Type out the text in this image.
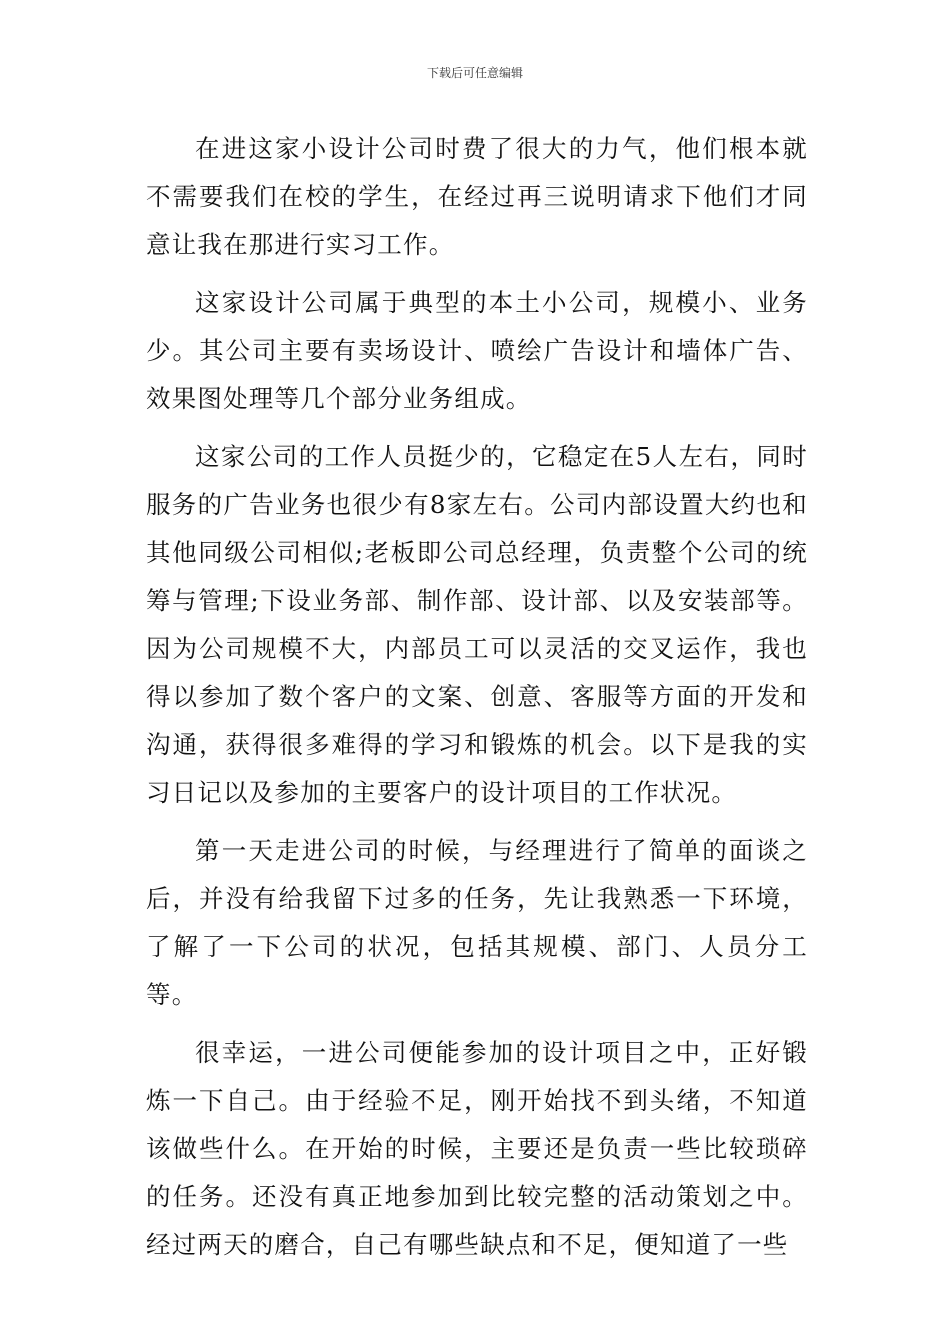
下载后可任意编辑

在进这家小设计公司时费了很大的力气，他们根本就不需要我们在校的学生，在经过再三说明请求下他们才同意让我在那进行实习工作。

这家设计公司属于典型的本土小公司，规模小、业务少。其公司主要有卖场设计、喷绘广告设计和墙体广告、效果图处理等几个部分业务组成。

这家公司的工作人员挺少的，它稳定在5人左右，同时服务的广告业务也很少有8家左右。公司内部设置大约也和其他同级公司相似;老板即公司总经理，负责整个公司的统筹与管理;下设业务部、制作部、设计部、以及安装部等。因为公司规模不大，内部员工可以灵活的交叉运作，我也得以参加了数个客户的文案、创意、客服等方面的开发和沟通，获得很多难得的学习和锻炼的机会。以下是我的实习日记以及参加的主要客户的设计项目的工作状况。

第一天走进公司的时候，与经理进行了简单的面谈之后，并没有给我留下过多的任务，先让我熟悉一下环境，了解了一下公司的状况，包括其规模、部门、人员分工等。

很幸运，一进公司便能参加的设计项目之中，正好锻炼一下自己。由于经验不足，刚开始找不到头绪，不知道该做些什么。在开始的时候，主要还是负责一些比较琐碎的任务。还没有真正地参加到比较完整的活动策划之中。经过两天的磨合，自己有哪些缺点和不足，便知道了一些
